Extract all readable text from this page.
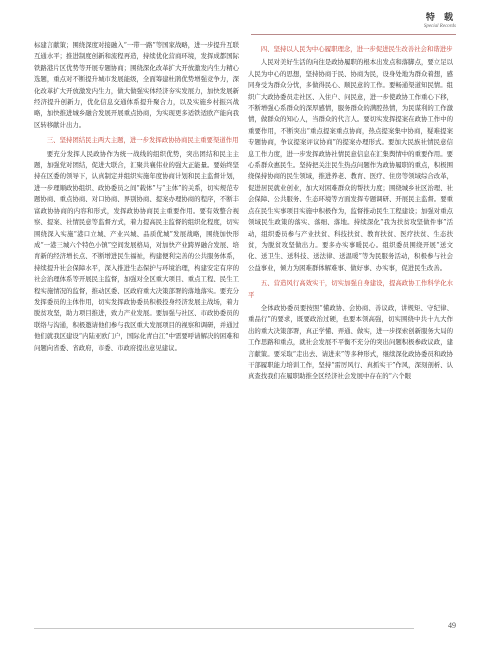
特 载
Special Records

标建言献策；围绕深度对接融入“一带一路”等国家战略，进一步提升互联互通水平；推进制度创新和流程再造，持续优化营商环境，发挥成都国际铁路港片区优势等开展专题协商；围绕深化改革扩大开放激发内生力精心选题，重点对不断提升城市发展能级，全面筹建杜鹃优势增强竞争力，深化改革扩大开放激发内生力，做大做强实体经济夯实发展力，加快发展新经济提升创新力，优化信息交通体系提升聚合力，以及实施乡村振兴战略，加快推进城乡融合发展开展重点协商，为实现更多适铁适欧产能向我区转移献计出力。

三、坚持团结民主两大主题，进一步发挥政协协商民主重要渠道作用

要充分发挥人民政协作为统一战线的组织优势，突出团结和民主主题，加强党对团结，促进大联合，汇聚共襄伟业的强大正能量。要始终坚持在区委的领导下，认真制定并组织实施年度协商计划和民主监督计划，进一步理顺政协组织、政协委员之间“载体”与“主体”的关系，切实规范专题协商、重点协商、对口协商、界别协商、提案办理协商的程序，不断丰富政协协商的内容和形式，发挥政协协商民主重要作用。要有效整合视察、提案、社情民意等监督方式，着力提高民主监督的组织化程度，切实围绕深入实施“港口立城、产业兴城、品质优城”发展战略，围绕加快形成“一港三城六个特色小镇”空间发展格局，对加快产业跨界融合发展、培育新的经济增长点、不断增进民生福祉，构建便利完善的公共服务体系，持续提升社会保障水平，深入推进生态保护与环境治理，构建安定有序的社会治理体系等开展民主监督，加强对全区重大项目、重点工程、民生工程实施情况的监督，推动区委、区政府重大决策部署的落地落实。要充分发挥委员的主体作用，切实发挥政协委员积极投身经济发展主战场，着力脱贫攻坚，助力项目推进，致力产业发展。要加强与社区、市政协委员的联络与沟通，积极邀请他们参与我区重大发展项目的视察和调研，并通过他们就我区建设“内陆亚欧门户，国际化青白江”中需要呼请解决的困难和问题向省委、省政府，市委、市政府提出意见建议。

四、坚持以人民为中心履职理念，进一步促进民生改善社会和谐进步

人民对美好生活的向往是政协履职的根本出发点和落脚点，要立足以人民为中心的思想，坚持协商于民、协商为民，设身处地为群众着想，感同身受为群众分忧，多做得民心、顺民意的工作。要畅通渠道知民情。组织广大政协委员走社区、入住户、问民意，进一步使政协工作重心下移，不断增强心系群众的深厚感情，服务群众的满腔热情，为民谋利的工作激情，做群众的知心人，当群众的代言人。要切实发挥提案在政协工作中的重要作用，不断突出“重点提案重点协商，热点提案集中协商，疑难提案专题协商，争议提案评议协商”的提案办理形式。要加大民族社情民意信息工作力度，进一步发挥政协社情民意信息在汇集舆情中的重要作用。要心系群众惠民生。坚持把关注民生热点问题作为政协履职的重点，积极围绕保持协商的民生领域，推进养老、教育、医疗、住房等领域综合改革，促进居民就业创业，加大对困难群众的帮扶力度；围绕城乡社区治理、社会保障、公共服务、生态环境等方面发挥专题调研、开展民主监督。要重点在民生实事项目实施中积极作为，监督推动民生工程建设；加强对重点领域民生政策的落实、落细、落地。持续深化“我为扶贫攻坚做件事”活动，组织委员参与产业扶贫、科技扶贫、教育扶贫、医疗扶贫、生态扶贫，为脱贫攻坚做出力。要多办实事暖民心。组织委员围绕开展“送文化、送卫生、送科技、送法律、送温暖”等为民服务活动，积极参与社会公益事业，倾力为困难群体解难事、做好事、办实事，促进民生改善。

五、营造风行高效实干，切实加强自身建设，提高政协工作科学化水平

全体政协委员要按照“懂政协、会协商、善议政，讲规矩、守纪律、重品行”的要求，既要政治过硬，也要本领高强，切实围绕中共十九大作出的重大决策部署，真正学懂、弄通、做实，进一步探索创新服务大局的工作思路和重点，就社会发展不平衡不充分的突出问题积极参政议政，建言献策。要采取“走出去、请进来”等多种形式，继续深化政协委员和政协干部履职能力培训工作，坚持“雷厉风行、真抓实干”作风，深刻剖析、认真查找我们在履职助推全区经济社会发展中存在的“六个眼

49
